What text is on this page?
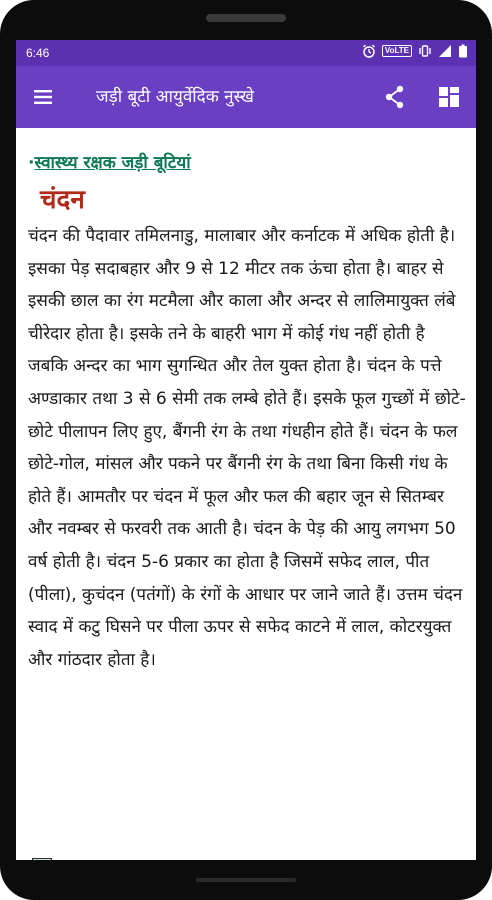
6:46	VoLTE
जड़ी बूटी आयुर्वेदिक नुस्खे
·स्वास्थ्य रक्षक जड़ी बूटियां
चंदन

चंदन की पैदावार तमिलनाडु, मालाबार और कर्नाटक में अधिक होती है। इसका पेड़ सदाबहार और 9 से 12 मीटर तक ऊंचा होता है। बाहर से इसकी छाल का रंग मटमैला और काला और अन्दर से लालिमायुक्त लंबे चीरेदार होता है। इसके तने के बाहरी भाग में कोई गंध नहीं होती है जबकि अन्दर का भाग सुगन्धित और तेल युक्त होता है। चंदन के पत्ते अण्डाकार तथा 3 से 6 सेमी तक लम्बे होते हैं। इसके फूल गुच्छों में छोटे-छोटे पीलापन लिए हुए, बैंगनी रंग के तथा गंधहीन होते हैं। चंदन के फल छोटे-गोल, मांसल और पकने पर बैंगनी रंग के तथा बिना किसी गंध के होते हैं। आमतौर पर चंदन में फूल और फल की बहार जून से सितम्बर और नवम्बर से फरवरी तक आती है। चंदन के पेड़ की आयु लगभग 50 वर्ष होती है। चंदन 5-6 प्रकार का होता है जिसमें सफेद लाल, पीत (पीला), कुचंदन (पतंगों) के रंगों के आधार पर जाने जाते हैं। उत्तम चंदन स्वाद में कटु घिसने पर पीला ऊपर से सफेद काटने में लाल, कोटरयुक्त और गांठदार होता है।
